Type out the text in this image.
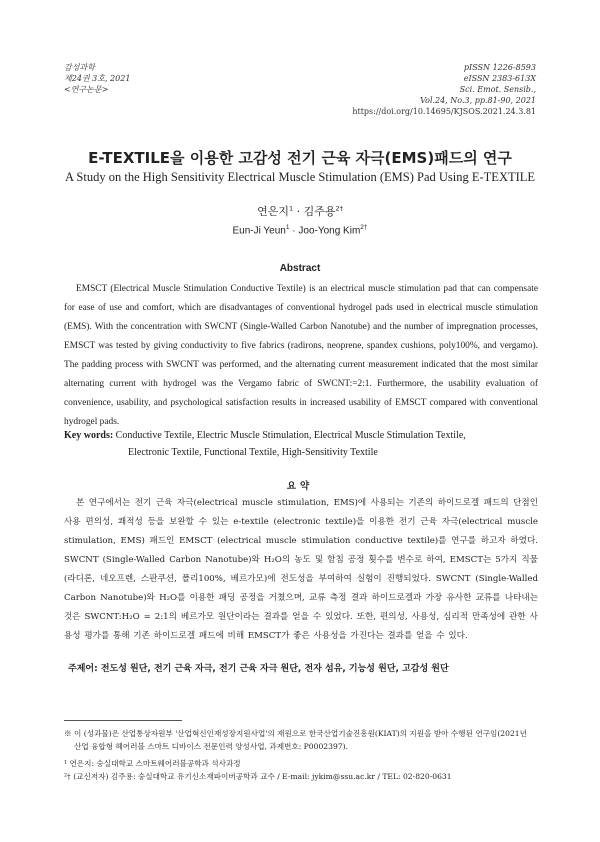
감성과학
제24권 3호, 2021
<연구논문>
pISSN 1226-8593
eISSN 2383-613X
Sci. Emot. Sensib.,
Vol.24, No.3, pp.81-90, 2021
https://doi.org/10.14695/KJSOS.2021.24.3.81
E-TEXTILE을 이용한 고감성 전기 근육 자극(EMS)패드의 연구
A Study on the High Sensitivity Electrical Muscle Stimulation (EMS) Pad Using E-TEXTILE
연은지$^1$ · 김주용$^{2\dagger}$
Eun-Ji Yeun$^1$ · Joo-Yong Kim$^{2\dagger}$
Abstract
EMSCT (Electrical Muscle Stimulation Conductive Textile) is an electrical muscle stimulation pad that can compensate for ease of use and comfort, which are disadvantages of conventional hydrogel pads used in electrical muscle stimulation (EMS). With the concentration with SWCNT (Single-Walled Carbon Nanotube) and the number of impregnation processes, EMSCT was tested by giving conductivity to five fabrics (radirons, neoprene, spandex cushions, poly100%, and vergamo). The padding process with SWCNT was performed, and the alternating current measurement indicated that the most similar alternating current with hydrogel was the Vergamo fabric of SWCNT:=2:1. Furthermore, the usability evaluation of convenience, usability, and psychological satisfaction results in increased usability of EMSCT compared with conventional hydrogel pads.
Key words: Conductive Textile, Electric Muscle Stimulation, Electrical Muscle Stimulation Textile,
Electronic Textile, Functional Textile, High-Sensitivity Textile
요약
본 연구에서는 전기 근육 자극(electrical muscle stimulation, EMS)에 사용되는 기존의 하이드로겔 패드의 단점인 사용 편의성, 쾌적성 등을 보완할 수 있는 e-textile (electronic textile)을 이용한 전기 근육 자극(electrical muscle stimulation, EMS) 패드인 EMSCT (electrical muscle stimulation conductive textile)를 연구를 하고자 하였다. SWCNT (Single-Walled Carbon Nanotube)와 H₂O의 농도 및 함침 공정 횟수를 변수로 하여, EMSCT는 5가지 직물(라디론, 네오프렌, 스판쿠션, 폴리100%, 베르가모)에 전도성을 부여하여 실험이 진행되었다. SWCNT (Single-Walled Carbon Nanotube)와 H₂O를 이용한 패딩 공정을 거쳤으며, 교류 측정 결과 하이드로겔과 가장 유사한 교류를 나타내는 것은 SWCNT:H₂O = 2:1의 베르가모 원단이라는 결과를 얻을 수 있었다. 또한, 편의성, 사용성, 심리적 만족성에 관한 사용성 평가를 통해 기존 하이드로겔 패드에 비해 EMSCT가 좋은 사용성을 가진다는 결과를 얻을 수 있다.
주제어: 전도성 원단, 전기 근육 자극, 전기 근육 자극 원단, 전자 섬유, 기능성 원단, 고감성 원단
※ 이 (성과물)은 산업통상자원부 '산업혁신인재성장지원사업'의 재원으로 한국산업기술진흥원(KIAT)의 지원을 받아 수행된 연구임(2021년
산업 융합형 헤어러블 스마트 디바이스 전문인력 양성사업, 과제번호: P0002397).
¹ 연은지: 숭실대학교 스마트웨어러블공학과 석사과정
²† (교신저자) 김주용: 숭실대학교 유기신소재파이버공학과 교수 / E-mail: jykim@ssu.ac.kr / TEL: 02-820-0631
